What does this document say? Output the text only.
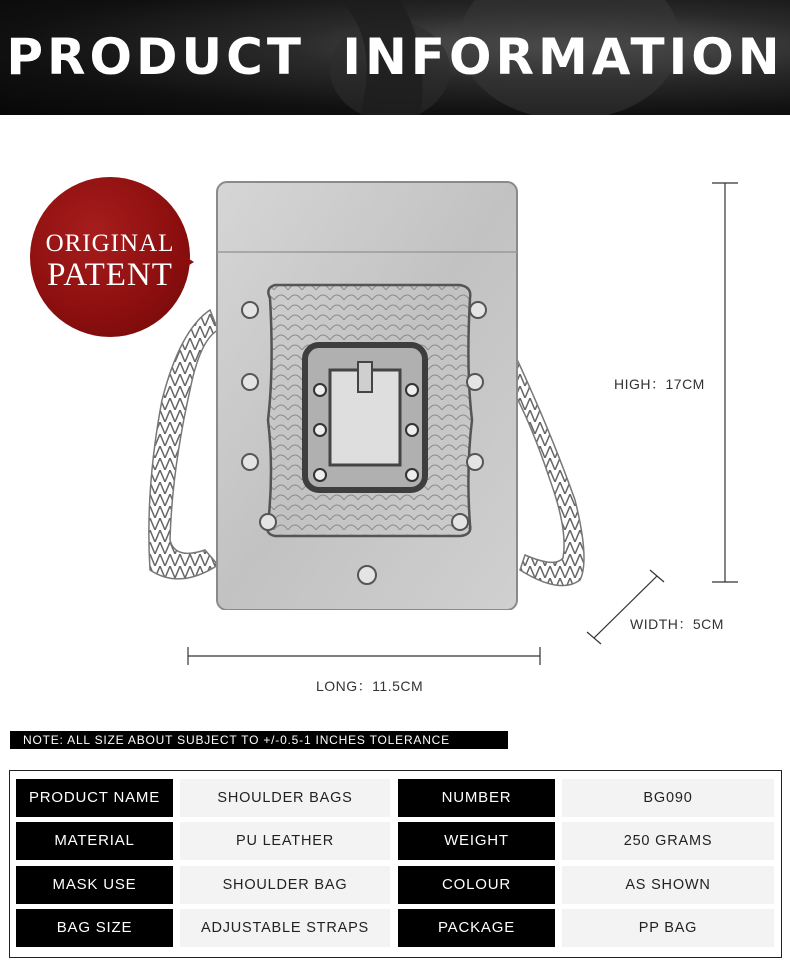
PRODUCT INFORMATION
ORIGINAL
PATENT
HIGH：17CM
WIDTH：5CM
LONG：11.5CM
NOTE: ALL SIZE ABOUT SUBJECT TO +/-0.5-1 INCHES TOLERANCE
PRODUCT NAME	SHOULDER BAGS	NUMBER	BG090
MATERIAL	PU LEATHER	WEIGHT	250 GRAMS
MASK USE	SHOULDER BAG	COLOUR	AS SHOWN
BAG SIZE	ADJUSTABLE STRAPS	PACKAGE	PP BAG
